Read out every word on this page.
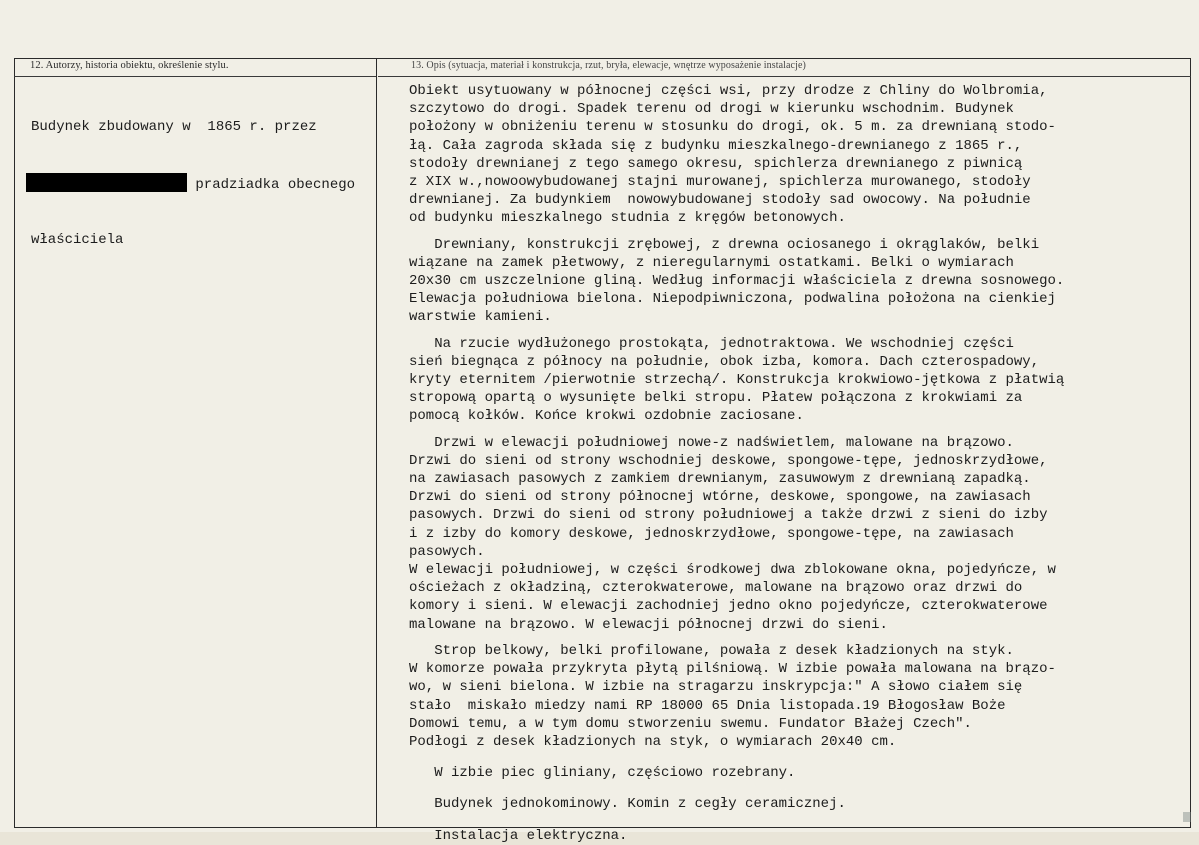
12. Autorzy, historia obiektu, określenie stylu.	13. Opis (sytuacja, materiał i konstrukcja, rzut, bryła, elewacje, wnętrze wyposażenie instalacje)

Budynek zbudowany w  1865 r. przez

pradziadka obecnego

właściciela

Obiekt usytuowany w północnej części wsi, przy drodze z Chliny do Wolbromia,
szczytowo do drogi. Spadek terenu od drogi w kierunku wschodnim. Budynek
położony w obniżeniu terenu w stosunku do drogi, ok. 5 m. za drewnianą stodo-
łą. Cała zagroda składa się z budynku mieszkalnego-drewnianego z 1865 r.,
stodoły drewnianej z tego samego okresu, spichlerza drewnianego z piwnicą
z XIX w.,nowoowybudowanej stajni murowanej, spichlerza murowanego, stodoły
drewnianej. Za budynkiem  nowowybudowanej stodoły sad owocowy. Na południe
od budynku mieszkalnego studnia z kręgów betonowych.
Drewniany, konstrukcji zrębowej, z drewna ociosanego i okrąglaków, belki
wiązane na zamek płetwowy, z nieregularnymi ostatkami. Belki o wymiarach
20x30 cm uszczelnione gliną. Według informacji właściciela z drewna sosnowego.
Elewacja południowa bielona. Niepodpiwniczona, podwalina położona na cienkiej
warstwie kamieni.
Na rzucie wydłużonego prostokąta, jednotraktowa. We wschodniej części
sień biegnąca z północy na południe, obok izba, komora. Dach czterospadowy,
kryty eternitem /pierwotnie strzechą/. Konstrukcja krokwiowo-jętkowa z płatwią
stropową opartą o wysunięte belki stropu. Płatew połączona z krokwiami za
pomocą kołków. Końce krokwi ozdobnie zaciosane.
Drzwi w elewacji południowej nowe-z nadświetlem, malowane na brązowo.
Drzwi do sieni od strony wschodniej deskowe, spongowe-tępe, jednoskrzydłowe,
na zawiasach pasowych z zamkiem drewnianym, zasuwowym z drewnianą zapadką.
Drzwi do sieni od strony północnej wtórne, deskowe, spongowe, na zawiasach
pasowych. Drzwi do sieni od strony południowej a także drzwi z sieni do izby
i z izby do komory deskowe, jednoskrzydłowe, spongowe-tępe, na zawiasach
pasowych.
W elewacji południowej, w części środkowej dwa zblokowane okna, pojedyńcze, w
ościeżach z okładziną, czterokwaterowe, malowane na brązowo oraz drzwi do
komory i sieni. W elewacji zachodniej jedno okno pojedyńcze, czterokwaterowe
malowane na brązowo. W elewacji północnej drzwi do sieni.
Strop belkowy, belki profilowane, powała z desek kładzionych na styk.
W komorze powała przykryta płytą pilśniową. W izbie powała malowana na brązo-
wo, w sieni bielona. W izbie na stragarzu inskrypcja:" A słowo ciałem się
stało  miskało miedzy nami RP 18000 65 Dnia listopada.19 Błogosław Boże
Domowi temu, a w tym domu stworzeniu swemu. Fundator Błażej Czech".
Podłogi z desek kładzionych na styk, o wymiarach 20x40 cm.
W izbie piec gliniany, częściowo rozebrany.
Budynek jednokominowy. Komin z cegły ceramicznej.
Instalacja elektryczna.
